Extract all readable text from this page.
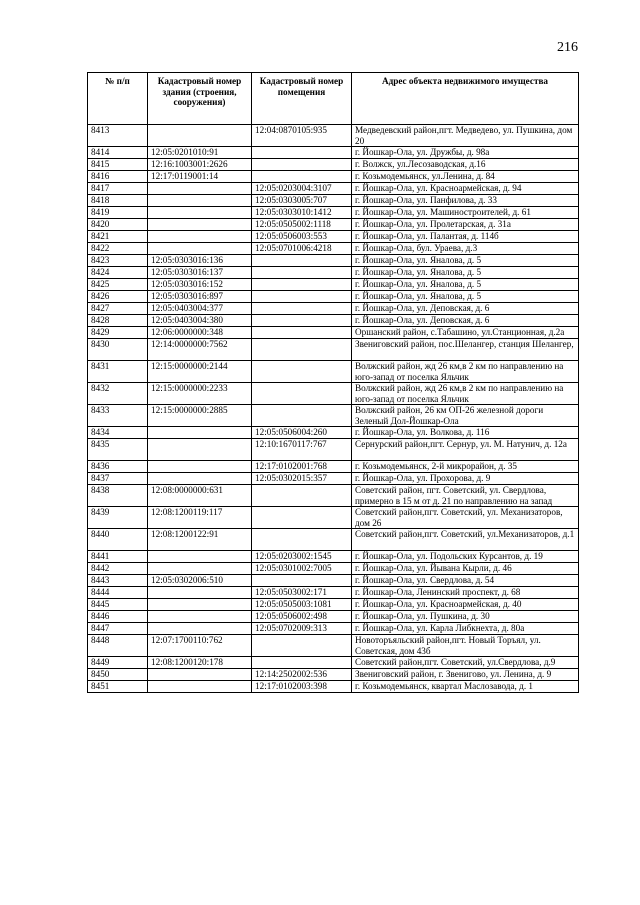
216
№ п/п	Кадастровый номер здания (строения, сооружения)	Кадастровый номер помещения	Адрес объекта недвижимого имущества
8413		12:04:0870105:935	Медведевский район,пгт. Медведево, ул. Пушкина, дом 20
8414	12:05:0201010:91		г. Йошкар-Ола, ул. Дружбы, д. 98а
8415	12:16:1003001:2626		г. Волжск, ул.Лесозаводская, д.16
8416	12:17:0119001:14		г. Козьмодемьянск, ул.Ленина, д. 84
8417		12:05:0203004:3107	г. Йошкар-Ола, ул. Красноармейская, д. 94
8418		12:05:0303005:707	г. Йошкар-Ола, ул. Панфилова, д. 33
8419		12:05:0303010:1412	г. Йошкар-Ола, ул. Машиностроителей, д. 61
8420		12:05:0505002:1118	г. Йошкар-Ола, ул. Пролетарская, д. 31а
8421		12:05:0506003:553	г. Йошкар-Ола, ул. Палантая, д. 114б
8422		12:05:0701006:4218	г. Йошкар-Ола, бул. Ураева, д.3
8423	12:05:0303016:136		г. Йошкар-Ола, ул. Яналова, д. 5
8424	12:05:0303016:137		г. Йошкар-Ола, ул. Яналова, д. 5
8425	12:05:0303016:152		г. Йошкар-Ола, ул. Яналова, д. 5
8426	12:05:0303016:897		г. Йошкар-Ола, ул. Яналова, д. 5
8427	12:05:0403004:377		г. Йошкар-Ола, ул. Деповская, д. 6
8428	12:05:0403004:380		г. Йошкар-Ола, ул. Деповская, д. 6
8429	12:06:0000000:348		Оршанский район, с.Табашино, ул.Станционная, д.2а
8430	12:14:0000000:7562		Звениговский район, пос.Шелангер, станция Шелангер,
8431	12:15:0000000:2144		Волжский район, жд 26 км,в 2 км по направлению на юго-запад от поселка Яльчик
8432	12:15:0000000:2233		Волжский район, жд 26 км,в 2 км по направлению на юго-запад от поселка Яльчик
8433	12:15:0000000:2885		Волжский район, 26 км ОП-26 железной дороги Зеленый Дол-Йошкар-Ола
8434		12:05:0506004:260	г. Йошкар-Ола, ул. Волкова, д. 116
8435		12:10:1670117:767	Сернурский район,пгт. Сернур, ул. М. Натунич, д. 12а
8436		12:17:0102001:768	г. Козьмодемьянск, 2-й микрорайон, д. 35
8437		12:05:0302015:357	г. Йошкар-Ола, ул. Прохорова, д. 9
8438	12:08:0000000:631		Советский район, пгт. Советский, ул. Свердлова, примерно в 15 м от д. 21 по направлению на запад
8439	12:08:1200119:117		Советский район,пгт. Советский, ул. Механизаторов, дом 26
8440	12:08:1200122:91		Советский район,пгт. Советский, ул.Механизаторов, д.1
8441		12:05:0203002:1545	г. Йошкар-Ола, ул. Подольских Курсантов, д. 19
8442		12:05:0301002:7005	г. Йошкар-Ола, ул. Йывана Кырли, д. 46
8443	12:05:0302006:510		г. Йошкар-Ола, ул. Свердлова, д. 54
8444		12:05:0503002:171	г. Йошкар-Ола, Ленинский проспект, д. 68
8445		12:05:0505003:1081	г. Йошкар-Ола, ул. Красноармейская, д. 40
8446		12:05:0506002:498	г. Йошкар-Ола, ул. Пушкина, д. 30
8447		12:05:0702009:313	г. Йошкар-Ола, ул. Карла Либкнехта, д. 80а
8448	12:07:1700110:762		Новоторъяльский район,пгт. Новый Торъял, ул. Советская, дом 43б
8449	12:08:1200120:178		Советский район,пгт. Советский, ул.Свердлова, д.9
8450		12:14:2502002:536	Звениговский район, г. Звенигово, ул. Ленина, д. 9
8451		12:17:0102003:398	г. Козьмодемьянск, квартал Маслозавода, д. 1
